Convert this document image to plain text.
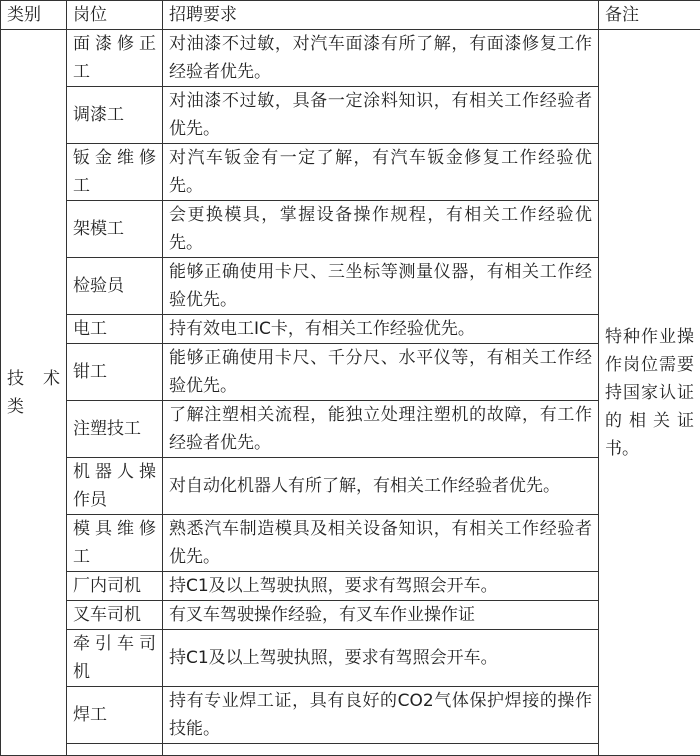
类别	岗位	招聘要求	备注
技 术 类	面漆修正工	对油漆不过敏，对汽车面漆有所了解，有面漆修复工作经验者优先。	特种作业操作岗位需要持国家认证的相关证书。
	调漆工	对油漆不过敏，具备一定涂料知识，有相关工作经验者优先。	
	钣金维修工	对汽车钣金有一定了解，有汽车钣金修复工作经验优先。	
	架模工	会更换模具，掌握设备操作规程，有相关工作经验优先。	
	检验员	能够正确使用卡尺、三坐标等测量仪器，有相关工作经验优先。	
	电工	持有效电工IC卡，有相关工作经验优先。	
	钳工	能够正确使用卡尺、千分尺、水平仪等，有相关工作经验优先。	
	注塑技工	了解注塑相关流程，能独立处理注塑机的故障，有工作经验者优先。	
	机器人操作员	对自动化机器人有所了解，有相关工作经验者优先。	
	模具维修工	熟悉汽车制造模具及相关设备知识，有相关工作经验者优先。	
	厂内司机	持C1及以上驾驶执照，要求有驾照会开车。	
	叉车司机	有叉车驾驶操作经验，有叉车作业操作证	
	牵引车司机	持C1及以上驾驶执照，要求有驾照会开车。	
	焊工	持有专业焊工证，具有良好的CO2气体保护焊接的操作技能。	
